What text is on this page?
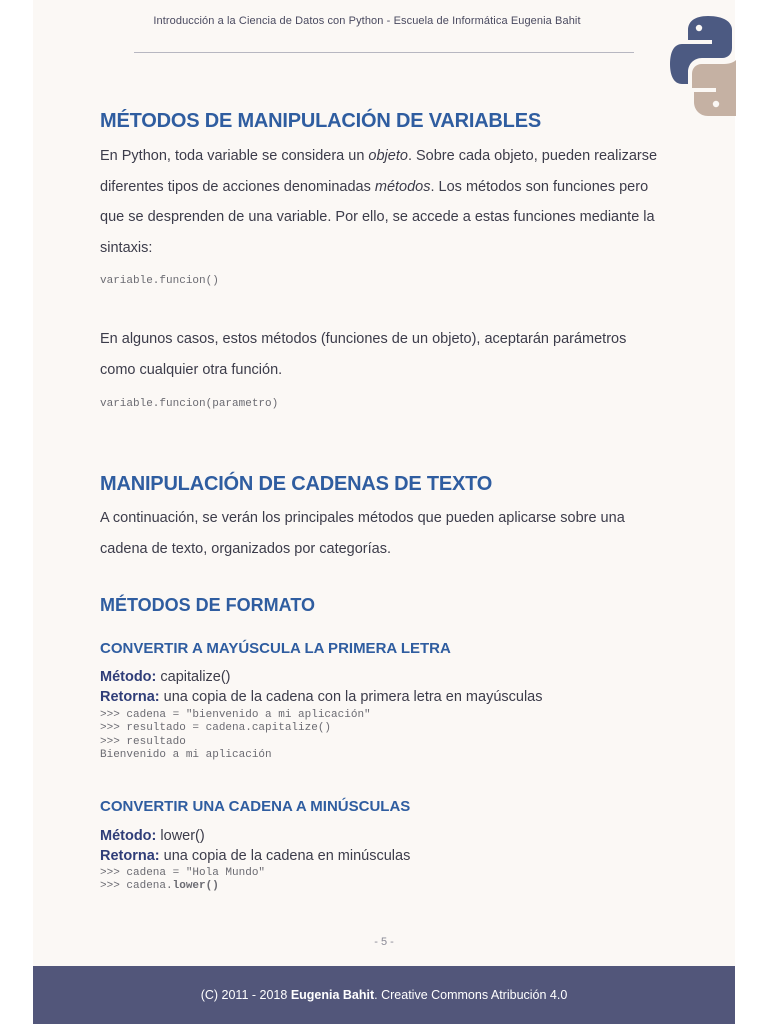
Introducción a la Ciencia de Datos con Python - Escuela de Informática Eugenia Bahit
MÉTODOS DE MANIPULACIÓN DE VARIABLES

En Python, toda variable se considera un objeto. Sobre cada objeto, pueden realizarse diferentes tipos de acciones denominadas métodos. Los métodos son funciones pero que se desprenden de una variable. Por ello, se accede a estas funciones mediante la sintaxis:

variable.funcion()

En algunos casos, estos métodos (funciones de un objeto), aceptarán parámetros como cualquier otra función.

variable.funcion(parametro)
MANIPULACIÓN DE CADENAS DE TEXTO

A continuación, se verán los principales métodos que pueden aplicarse sobre una cadena de texto, organizados por categorías.

MÉTODOS DE FORMATO
CONVERTIR A MAYÚSCULA LA PRIMERA LETRA
Método: capitalize()
Retorna: una copia de la cadena con la primera letra en mayúsculas
>>> cadena = "bienvenido a mi aplicación"
>>> resultado = cadena.capitalize()
>>> resultado
Bienvenido a mi aplicación
CONVERTIR UNA CADENA A MINÚSCULAS
Método: lower()
Retorna: una copia de la cadena en minúsculas
>>> cadena = "Hola Mundo"
>>> cadena.lower()
- 5 -
(C) 2011 - 2018 Eugenia Bahit. Creative Commons Atribución 4.0
